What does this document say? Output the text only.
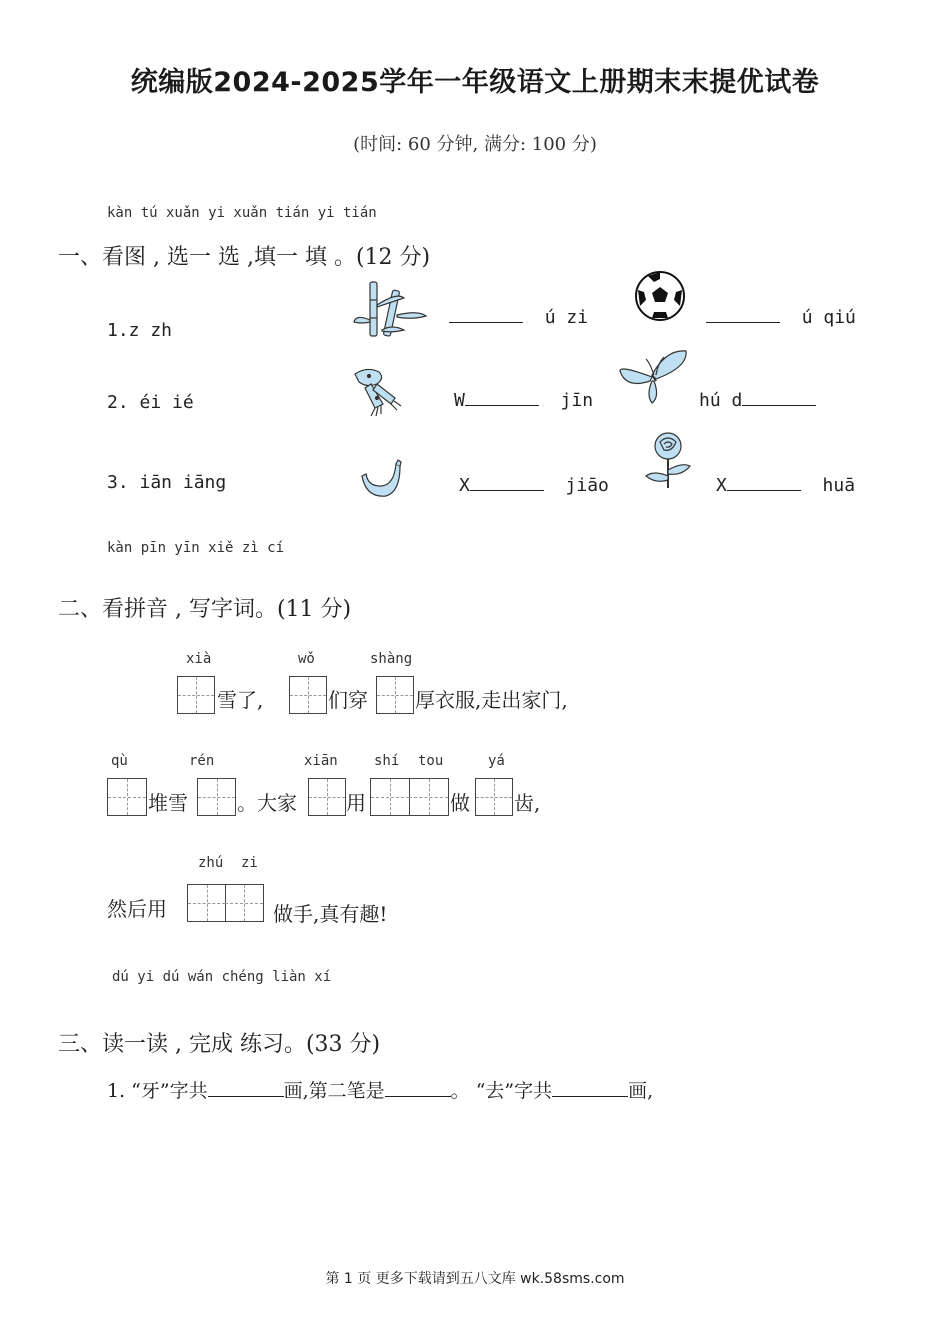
统编版2024-2025学年一年级语文上册期末末提优试卷
(时间: 60 分钟, 满分: 100 分)
kàn tú xuǎn yi xuǎn tián yi tián
一、看图 , 选一 选 ,填一 填 。(12 分)
1.z zh
2. éi ié
3. iān iāng
ú zi	ú qiú
W	jīn	hú d
X	jiāo	X	huā
kàn pīn yīn xiě zì cí
二、看拼音 , 写字词。(11 分)
xià	wǒ	shàng
雪了,	们穿 厚衣服,走出家门,
qù	rén	xiān	shí tou	yá
堆雪 。大家 用	做 齿,
zhú zi
然后用	做手,真有趣!
dú yi dú wán chéng liàn xí
三、读一读 , 完成 练习。(33 分)
1. “牙”字共	画,第二笔是	。 “去”字共	画,
第 1 页 更多下载请到五八文库 wk.58sms.com
